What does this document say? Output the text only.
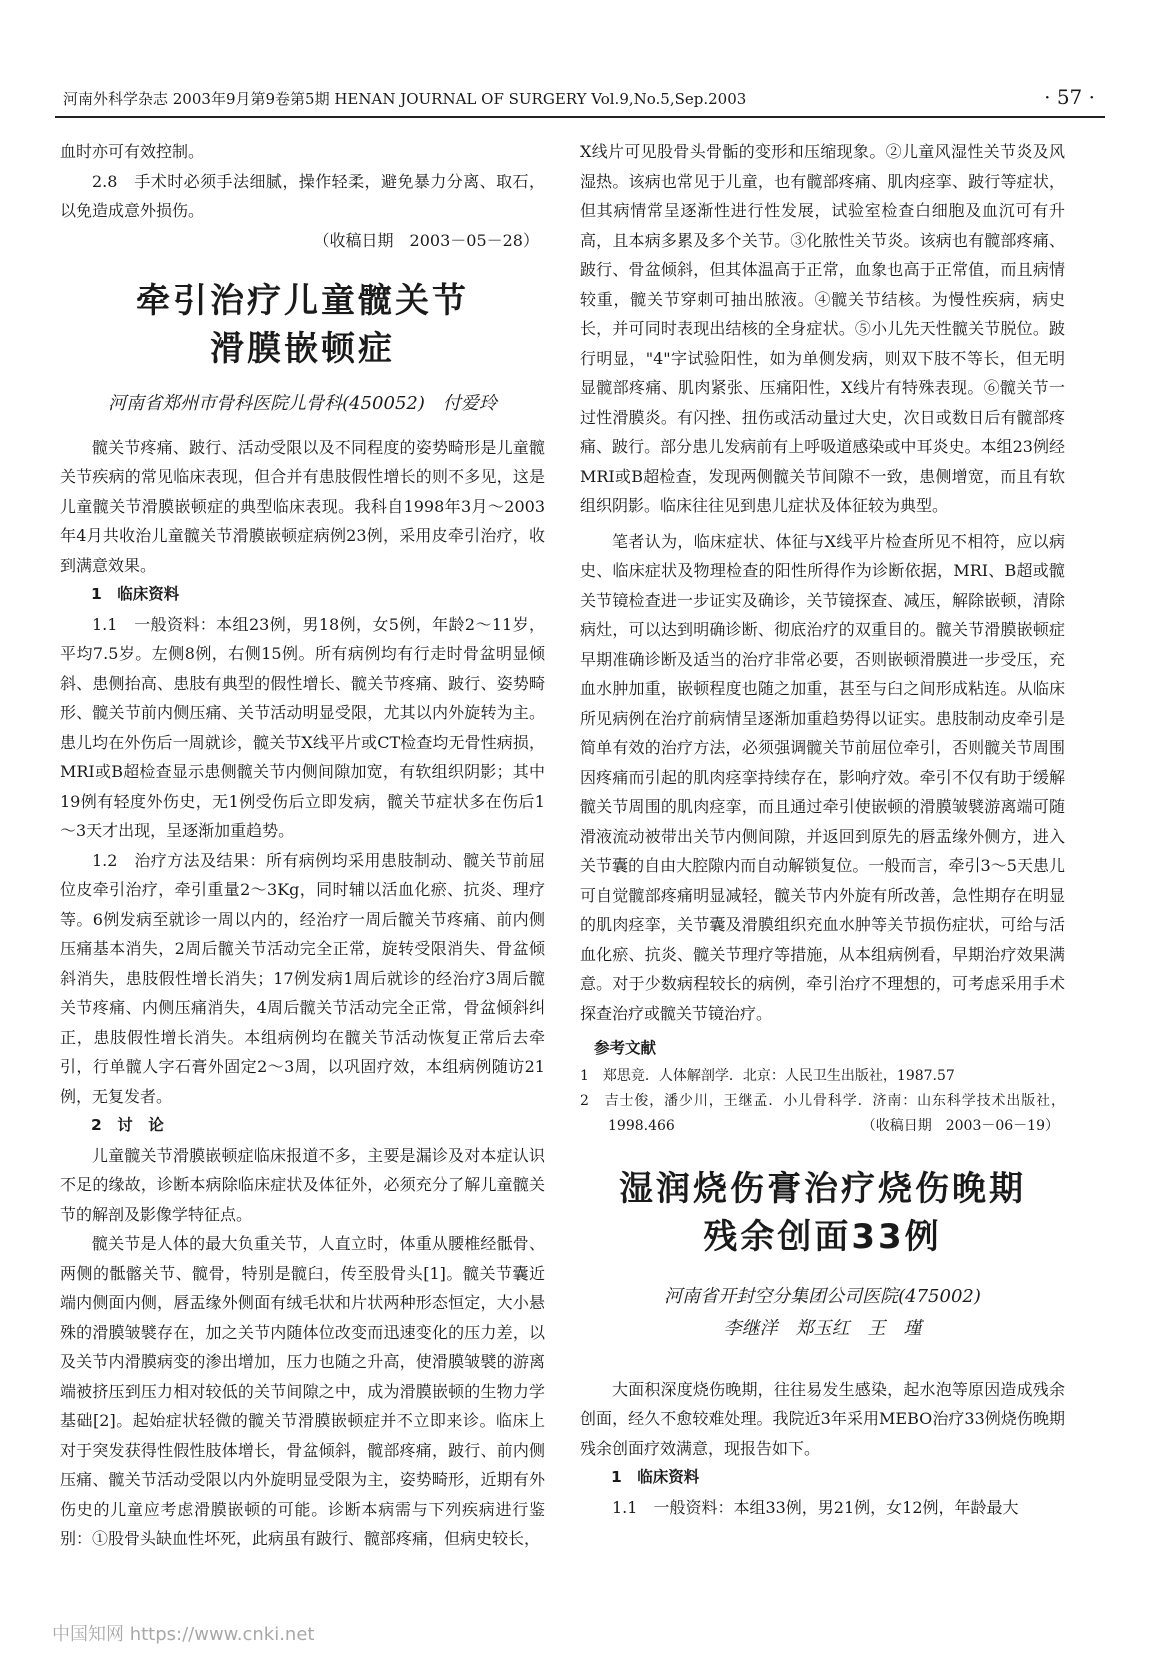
河南外科学杂志 2003年9月第9卷第5期 HENAN JOURNAL OF SURGERY Vol.9,No.5,Sep.2003	· 57 ·

血时亦可有效控制。

2.8　手术时必须手法细腻，操作轻柔，避免暴力分离、取石，以免造成意外损伤。

（收稿日期　2003－05－28）

牵引治疗儿童髋关节

滑膜嵌顿症

河南省郑州市骨科医院儿骨科(450052)　付爱玲

髋关节疼痛、跛行、活动受限以及不同程度的姿势畸形是儿童髋关节疾病的常见临床表现，但合并有患肢假性增长的则不多见，这是儿童髋关节滑膜嵌顿症的典型临床表现。我科自1998年3月～2003年4月共收治儿童髋关节滑膜嵌顿症病例23例，采用皮牵引治疗，收到满意效果。

1　临床资料

1.1　一般资料：本组23例，男18例，女5例，年龄2～11岁，平均7.5岁。左侧8例，右侧15例。所有病例均有行走时骨盆明显倾斜、患侧抬高、患肢有典型的假性增长、髋关节疼痛、跛行、姿势畸形、髋关节前内侧压痛、关节活动明显受限，尤其以内外旋转为主。患儿均在外伤后一周就诊，髋关节X线平片或CT检查均无骨性病损，MRI或B超检查显示患侧髋关节内侧间隙加宽，有软组织阴影；其中19例有轻度外伤史，无1例受伤后立即发病，髋关节症状多在伤后1～3天才出现，呈逐渐加重趋势。

1.2　治疗方法及结果：所有病例均采用患肢制动、髋关节前屈位皮牵引治疗，牵引重量2～3Kg，同时辅以活血化瘀、抗炎、理疗等。6例发病至就诊一周以内的，经治疗一周后髋关节疼痛、前内侧压痛基本消失，2周后髋关节活动完全正常，旋转受限消失、骨盆倾斜消失，患肢假性增长消失；17例发病1周后就诊的经治疗3周后髋关节疼痛、内侧压痛消失，4周后髋关节活动完全正常，骨盆倾斜纠正，患肢假性增长消失。本组病例均在髋关节活动恢复正常后去牵引，行单髋人字石膏外固定2～3周，以巩固疗效，本组病例随访21例，无复发者。

2　讨　论

儿童髋关节滑膜嵌顿症临床报道不多，主要是漏诊及对本症认识不足的缘故，诊断本病除临床症状及体征外，必须充分了解儿童髋关节的解剖及影像学特征点。

髋关节是人体的最大负重关节，人直立时，体重从腰椎经骶骨、两侧的骶髂关节、髋骨，特别是髋臼，传至股骨头[1]。髋关节囊近端内侧面内侧，唇盂缘外侧面有绒毛状和片状两种形态恒定，大小悬殊的滑膜皱襞存在，加之关节内随体位改变而迅速变化的压力差，以及关节内滑膜病变的渗出增加，压力也随之升高，使滑膜皱襞的游离端被挤压到压力相对较低的关节间隙之中，成为滑膜嵌顿的生物力学基础[2]。起始症状轻微的髋关节滑膜嵌顿症并不立即来诊。临床上对于突发获得性假性肢体增长，骨盆倾斜，髋部疼痛，跛行、前内侧压痛、髋关节活动受限以内外旋明显受限为主，姿势畸形，近期有外伤史的儿童应考虑滑膜嵌顿的可能。诊断本病需与下列疾病进行鉴别：①股骨头缺血性坏死，此病虽有跛行、髋部疼痛，但病史较长，

X线片可见股骨头骨骺的变形和压缩现象。②儿童风湿性关节炎及风湿热。该病也常见于儿童，也有髋部疼痛、肌肉痉挛、跛行等症状，但其病情常呈逐渐性进行性发展，试验室检查白细胞及血沉可有升高，且本病多累及多个关节。③化脓性关节炎。该病也有髋部疼痛、跛行、骨盆倾斜，但其体温高于正常，血象也高于正常值，而且病情较重，髋关节穿刺可抽出脓液。④髋关节结核。为慢性疾病，病史长，并可同时表现出结核的全身症状。⑤小儿先天性髋关节脱位。跛行明显，"4"字试验阳性，如为单侧发病，则双下肢不等长，但无明显髋部疼痛、肌肉紧张、压痛阳性，X线片有特殊表现。⑥髋关节一过性滑膜炎。有闪挫、扭伤或活动量过大史，次日或数日后有髋部疼痛、跛行。部分患儿发病前有上呼吸道感染或中耳炎史。本组23例经MRI或B超检查，发现两侧髋关节间隙不一致，患侧增宽，而且有软组织阴影。临床往往见到患儿症状及体征较为典型。

笔者认为，临床症状、体征与X线平片检查所见不相符，应以病史、临床症状及物理检查的阳性所得作为诊断依据，MRI、B超或髋关节镜检查进一步证实及确诊，关节镜探查、减压，解除嵌顿，清除病灶，可以达到明确诊断、彻底治疗的双重目的。髋关节滑膜嵌顿症早期准确诊断及适当的治疗非常必要，否则嵌顿滑膜进一步受压，充血水肿加重，嵌顿程度也随之加重，甚至与臼之间形成粘连。从临床所见病例在治疗前病情呈逐渐加重趋势得以证实。患肢制动皮牵引是简单有效的治疗方法，必须强调髋关节前屈位牵引，否则髋关节周围因疼痛而引起的肌肉痉挛持续存在，影响疗效。牵引不仅有助于缓解髋关节周围的肌肉痉挛，而且通过牵引使嵌顿的滑膜皱襞游离端可随滑液流动被带出关节内侧间隙，并返回到原先的唇盂缘外侧方，进入关节囊的自由大腔隙内而自动解锁复位。一般而言，牵引3～5天患儿可自觉髋部疼痛明显减轻，髋关节内外旋有所改善，急性期存在明显的肌肉痉挛，关节囊及滑膜组织充血水肿等关节损伤症状，可给与活血化瘀、抗炎、髋关节理疗等措施，从本组病例看，早期治疗效果满意。对于少数病程较长的病例，牵引治疗不理想的，可考虑采用手术探查治疗或髋关节镜治疗。

参考文献

1　郑思竞．人体解剖学．北京：人民卫生出版社，1987.57

2　吉士俊，潘少川，王继孟．小儿骨科学．济南：山东科学技术出版社，1998.466	（收稿日期　2003－06－19）

湿润烧伤膏治疗烧伤晚期

残余创面33例

河南省开封空分集团公司医院(475002)

李继洋　郑玉红　王　瑾

大面积深度烧伤晚期，往往易发生感染，起水泡等原因造成残余创面，经久不愈较难处理。我院近3年采用MEBO治疗33例烧伤晚期残余创面疗效满意，现报告如下。

1　临床资料

1.1　一般资料：本组33例，男21例，女12例，年龄最大

中国知网 https://www.cnki.net
